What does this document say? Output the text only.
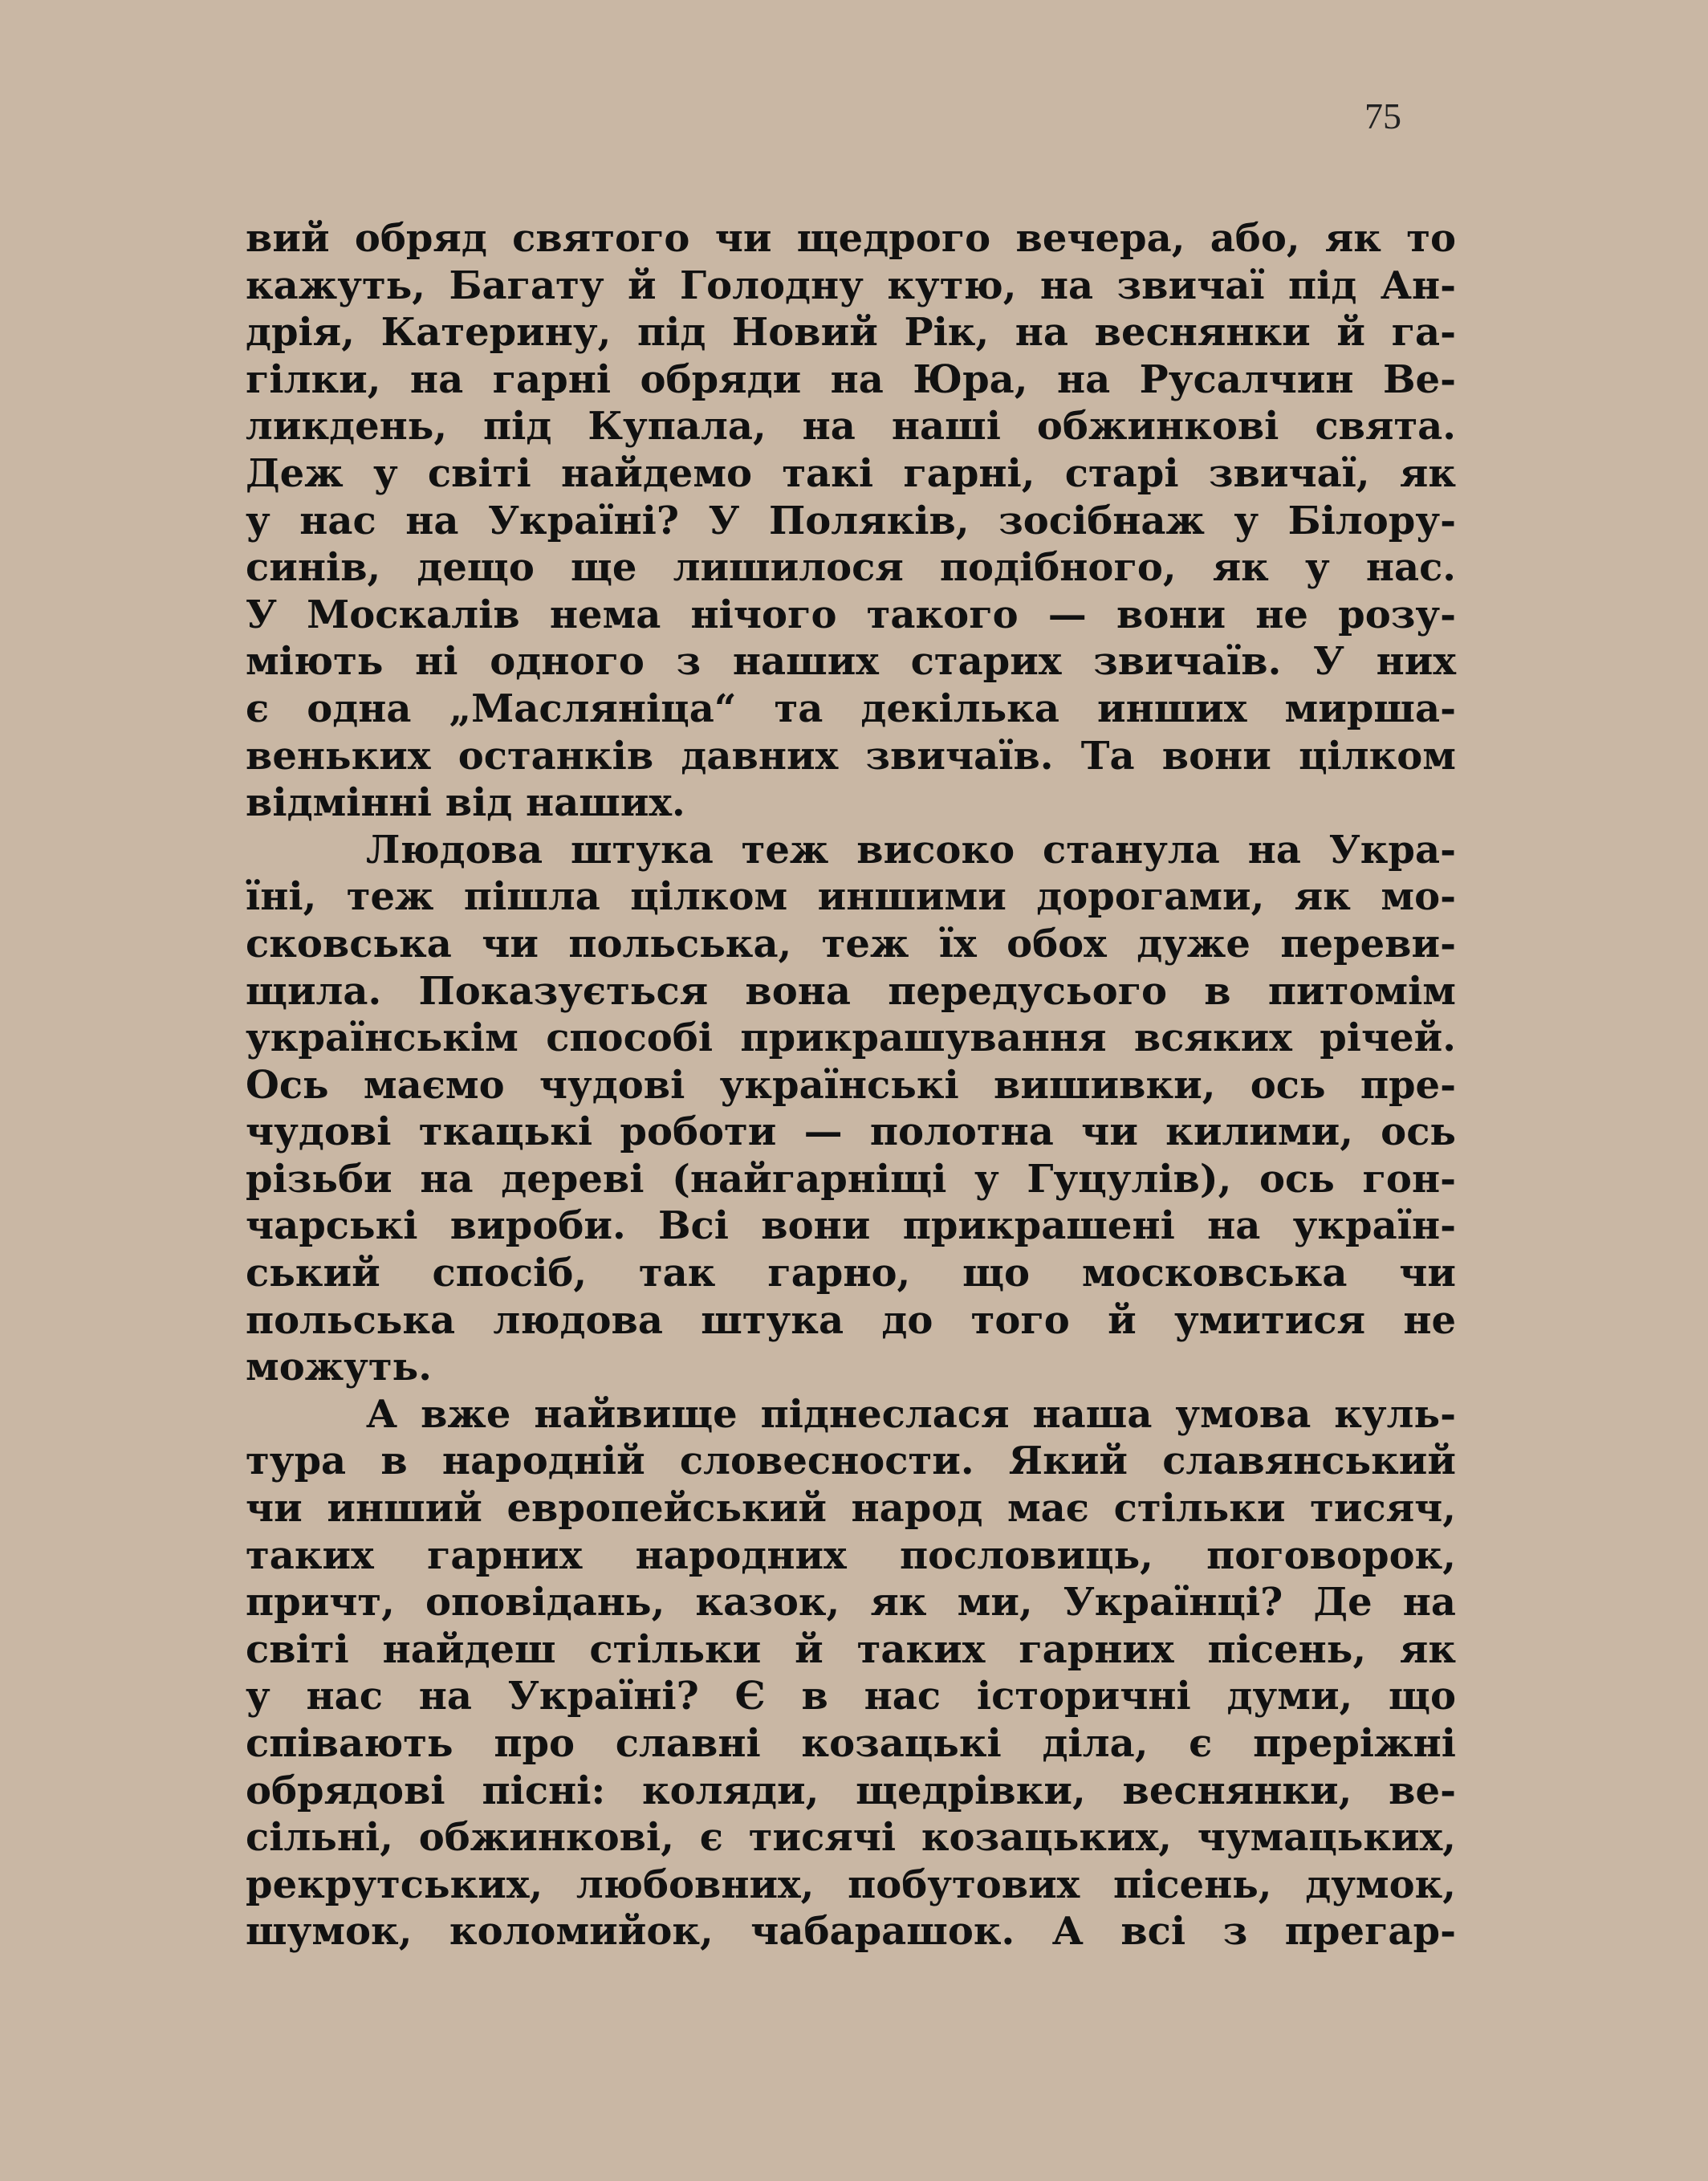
75
вий обряд святого чи щедрого вечера, або, як то
кажуть, Багату й Голодну кутю, на звичаї під Ан-
дрія, Катерину, під Новий Рік, на веснянки й га-
гілки, на гарні обряди на Юра, на Русалчин Ве-
ликдень, під Купала, на наші обжинкові свята.
Деж у світі найдемо такі гарні, старі звичаї, як
у нас на Україні? У Поляків, зосібнаж у Білору-
синів, дещо ще лишилося подібного, як у нас.
У Москалів нема нічого такого — вони не розу-
міють ні одного з наших старих звичаїв. У них
є одна „Масляніца“ та декілька инших мирша-
веньких останків давних звичаїв. Та вони цілком
відмінні від наших.
Людова штука теж високо станула на Укра-
їні, теж пішла цілком иншими дорогами, як мо-
сковська чи польська, теж їх обох дуже переви-
щила. Показується вона передусього в питомім
українськім способі прикрашування всяких річей.
Ось маємо чудові українські вишивки, ось пре-
чудові ткацькі роботи — полотна чи килими, ось
різьби на дереві (найгарніщі у Гуцулів), ось гон-
чарські вироби. Всі вони прикрашені на україн-
ський спосіб, так гарно, що московська чи
польська людова штука до того й умитися не
можуть.
А вже найвище піднеслася наша умова куль-
тура в народній словесности. Який славянський
чи инший европейський народ має стільки тисяч,
таких гарних народних пословиць, поговорок,
причт, оповідань, казок, як ми, Українці? Де на
світі найдеш стільки й таких гарних пісень, як
у нас на Україні? Є в нас історичні думи, що
співають про славні козацькі діла, є преріжні
обрядові пісні: коляди, щедрівки, веснянки, ве-
сільні, обжинкові, є тисячі козацьких, чумацьких,
рекрутських, любовних, побутових пісень, думок,
шумок, коломийок, чабарашок. А всі з прегар-
